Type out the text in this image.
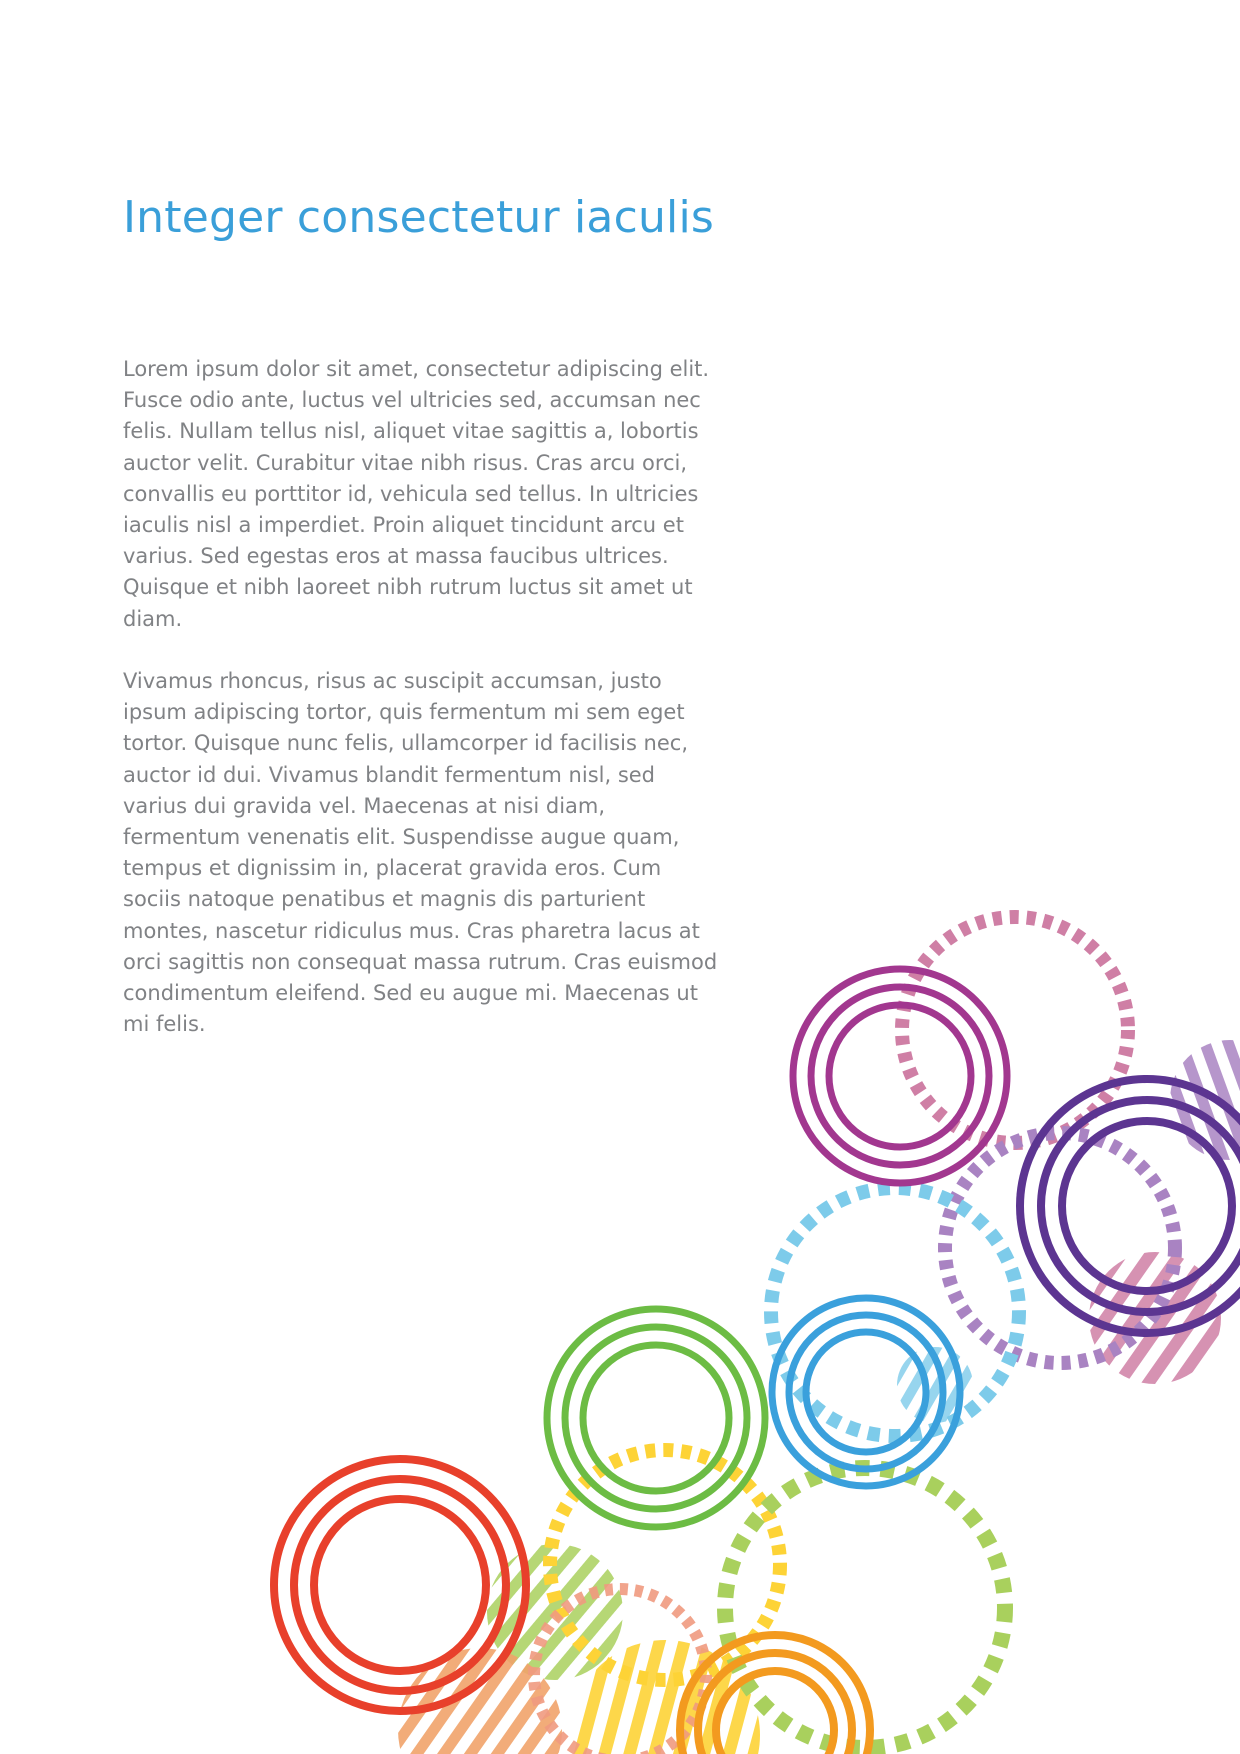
Integer consectetur iaculis

Lorem ipsum dolor sit amet, consectetur adipiscing elit. Fusce odio ante, luctus vel ultricies sed, accumsan nec felis. Nullam tellus nisl, aliquet vitae sagittis a, lobortis auctor velit. Curabitur vitae nibh risus. Cras arcu orci, convallis eu porttitor id, vehicula sed tellus. In ultricies iaculis nisl a imperdiet. Proin aliquet tincidunt arcu et varius. Sed egestas eros at massa faucibus ultrices. Quisque et nibh laoreet nibh rutrum luctus sit amet ut diam.

Vivamus rhoncus, risus ac suscipit accumsan, justo ipsum adipiscing tortor, quis fermentum mi sem eget tortor. Quisque nunc felis, ullamcorper id facilisis nec, auctor id dui. Vivamus blandit fermentum nisl, sed varius dui gravida vel. Maecenas at nisi diam, fermentum venenatis elit. Suspendisse augue quam, tempus et dignissim in, placerat gravida eros. Cum sociis natoque penatibus et magnis dis parturient montes, nascetur ridiculus mus. Cras pharetra lacus at orci sagittis non consequat massa rutrum. Cras euismod condimentum eleifend. Sed eu augue mi. Maecenas ut mi felis.
